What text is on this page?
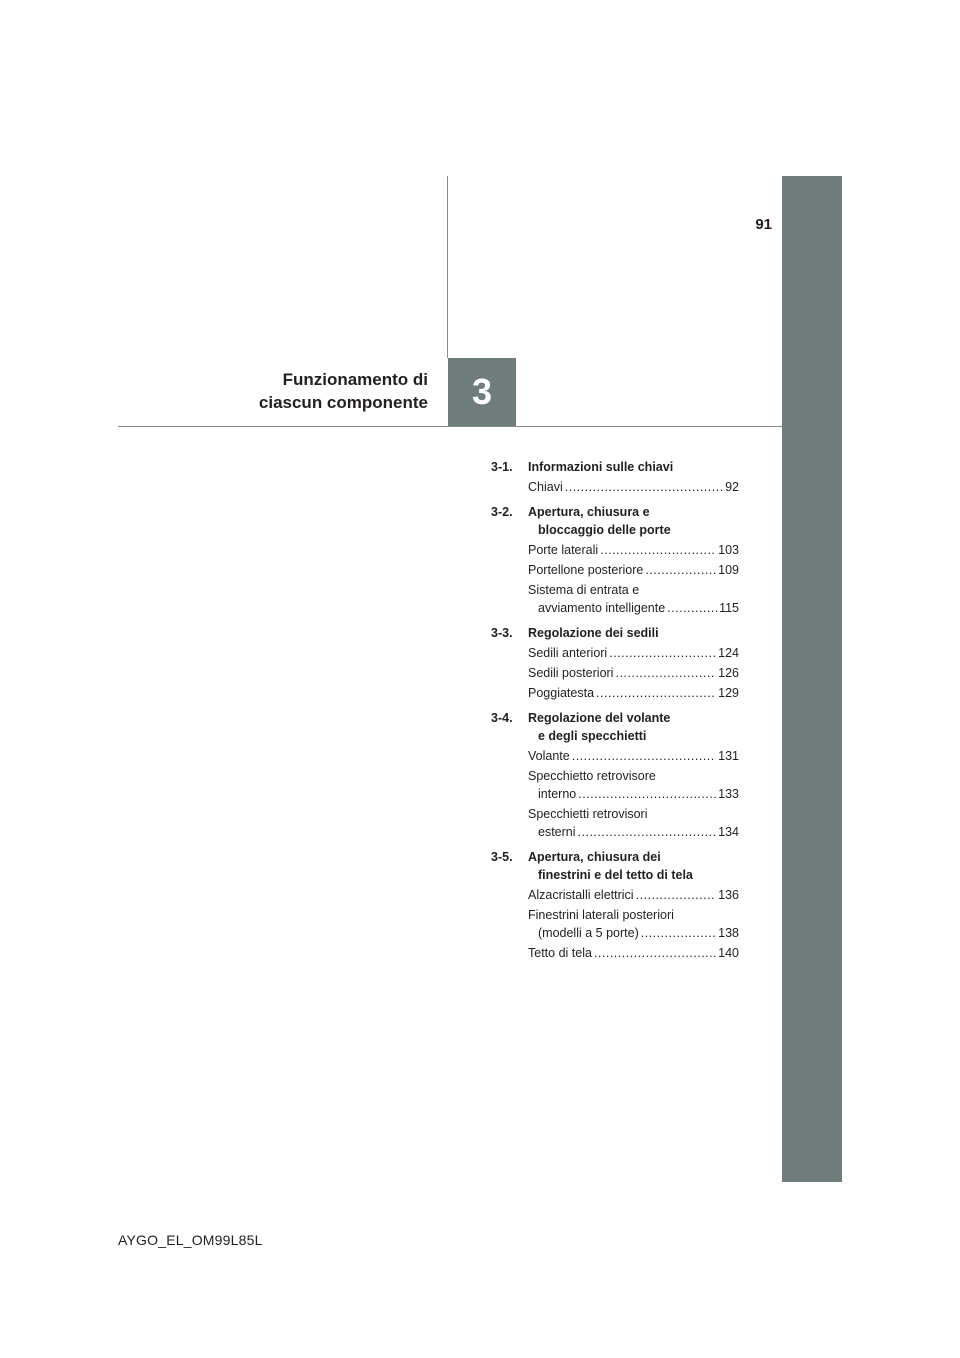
91
Funzionamento di
ciascun componente	3
3-1.	Informazioni sulle chiavi
Chiavi .....	92
3-2.	Apertura, chiusura e
bloccaggio delle porte
Porte laterali .....	103
Portellone posteriore .....	109
Sistema di entrata e
avviamento intelligente .....	115
3-3.	Regolazione dei sedili
Sedili anteriori .....	124
Sedili posteriori .....	126
Poggiatesta .....	129
3-4.	Regolazione del volante
e degli specchietti
Volante .....	131
Specchietto retrovisore
interno .....	133
Specchietti retrovisori
esterni .....	134
3-5.	Apertura, chiusura dei
finestrini e del tetto di tela
Alzacristalli elettrici .....	136
Finestrini laterali posteriori
(modelli a 5 porte) .....	138
Tetto di tela .....	140
AYGO_EL_OM99L85L
